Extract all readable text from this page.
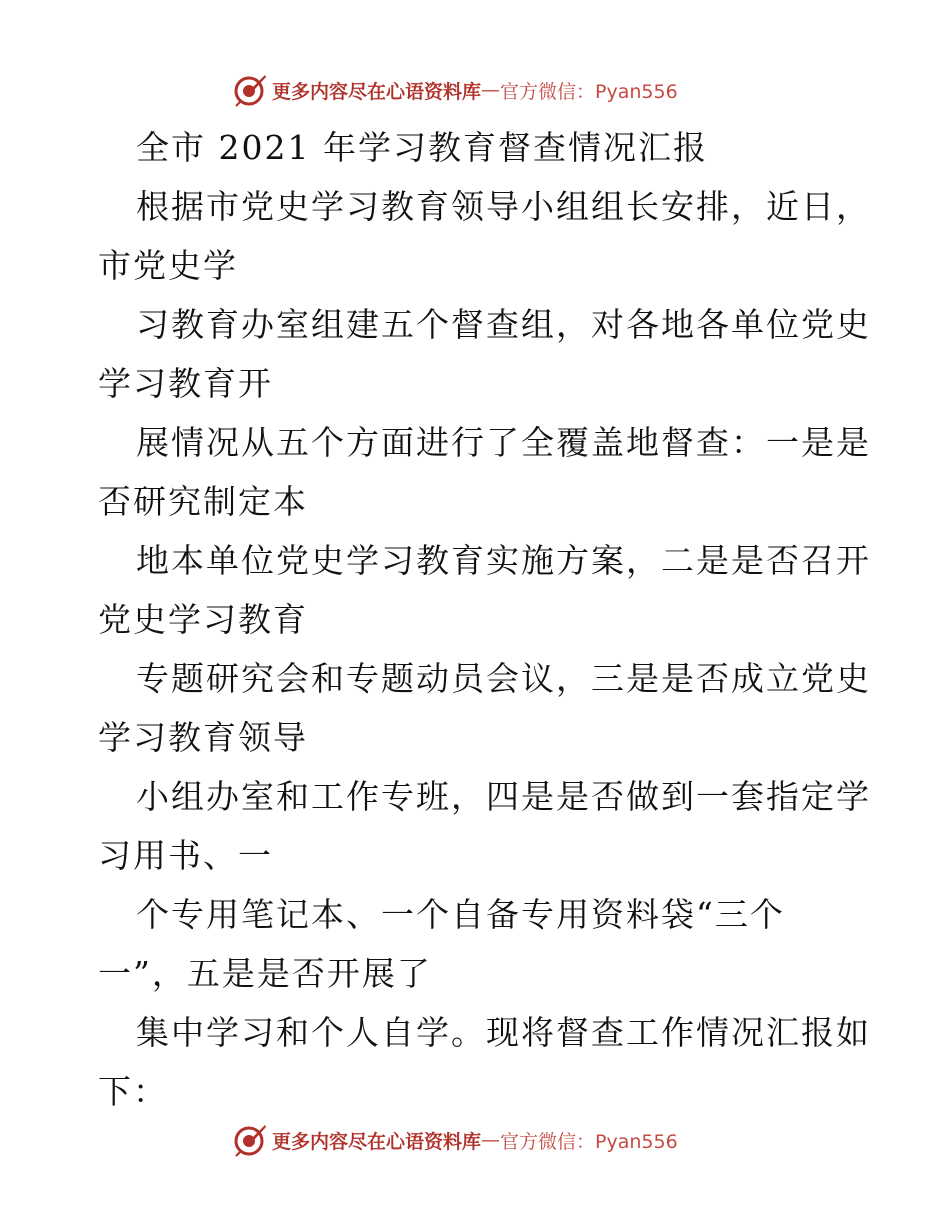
更多内容尽在心语资料库 — 官方微信：Pyan556
全市 2021 年学习教育督查情况汇报
根据市党史学习教育领导小组组长安排，近日，
市党史学
习教育办室组建五个督查组，对各地各单位党史
学习教育开
展情况从五个方面进行了全覆盖地督查：一是是
否研究制定本
地本单位党史学习教育实施方案，二是是否召开
党史学习教育
专题研究会和专题动员会议，三是是否成立党史
学习教育领导
小组办室和工作专班，四是是否做到一套指定学
习用书、一
个专用笔记本、一个自备专用资料袋“三个
一”，五是是否开展了
集中学习和个人自学。现将督查工作情况汇报如
下：
更多内容尽在心语资料库 — 官方微信：Pyan556
